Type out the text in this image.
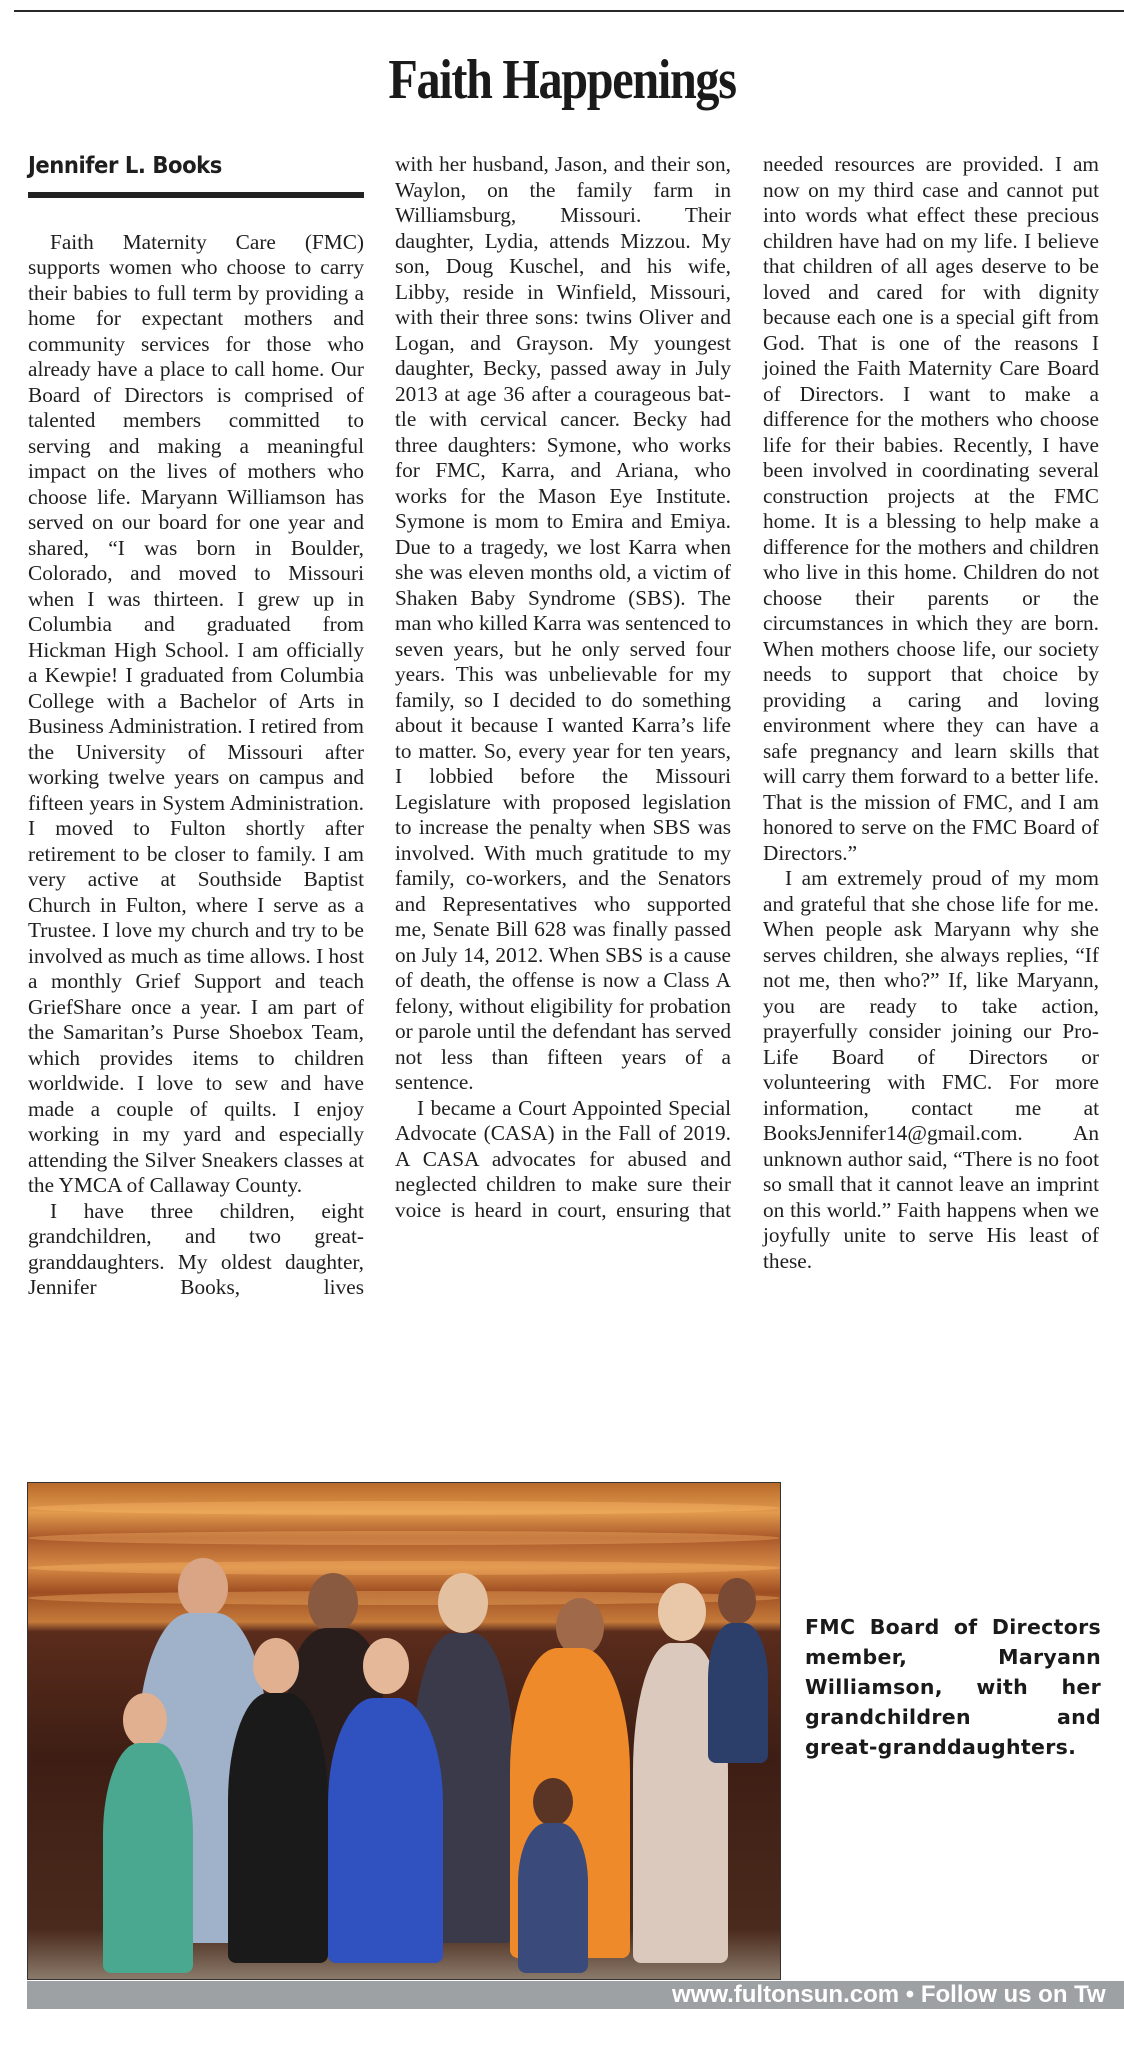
Faith Happenings
Jennifer L. Books

Faith Maternity Care (FMC) supports women who choose to carry their babies to full term by providing a home for expectant mothers and community services for those who already have a place to call home. Our Board of Directors is comprised of talented members committed to serving and making a meaningful impact on the lives of mothers who choose life. Maryann Williamson has served on our board for one year and shared, “I was born in Boulder, Colorado, and moved to Missouri when I was thirteen. I grew up in Columbia and graduated from Hickman High School. I am officially a Kewpie! I graduated from Columbia College with a Bachelor of Arts in Business Administration. I retired from the University of Missouri after working twelve years on campus and fifteen years in System Administration. I moved to Fulton shortly after retirement to be closer to family. I am very active at Southside Baptist Church in Fulton, where I serve as a Trustee. I love my church and try to be involved as much as time allows. I host a monthly Grief Support and teach GriefShare once a year. I am part of the Samaritan’s Purse Shoebox Team, which provides items to children worldwide. I love to sew and have made a couple of quilts. I enjoy working in my yard and especially attending the Silver Sneakers classes at the YMCA of Callaway County.

I have three children, eight grandchildren, and two great-granddaughters. My oldest daughter, Jennifer Books, lives

with her husband, Jason, and their son, Waylon, on the family farm in Williamsburg, Missouri. Their daughter, Lydia, attends Mizzou. My son, Doug Kuschel, and his wife, Libby, reside in Winfield, Missouri, with their three sons: twins Oliver and Logan, and Grayson. My youngest daughter, Becky, passed away in July 2013 at age 36 after a courageous battle with cervical cancer. Becky had three daughters: Symone, who works for FMC, Karra, and Ariana, who works for the Mason Eye Institute. Symone is mom to Emira and Emiya. Due to a tragedy, we lost Karra when she was eleven months old, a victim of Shaken Baby Syndrome (SBS). The man who killed Karra was sentenced to seven years, but he only served four years. This was unbelievable for my family, so I decided to do something about it because I wanted Karra’s life to matter. So, every year for ten years, I lobbied before the Missouri Legislature with proposed legislation to increase the penalty when SBS was involved. With much gratitude to my family, co-workers, and the Senators and Representatives who supported me, Senate Bill 628 was finally passed on July 14, 2012. When SBS is a cause of death, the offense is now a Class A felony, without eligibility for probation or parole until the defendant has served not less than fifteen years of a sentence.

I became a Court Appointed Special Advocate (CASA) in the Fall of 2019. A CASA advocates for abused and neglected children to make sure their voice is heard in court, ensuring that

needed resources are provided. I am now on my third case and cannot put into words what effect these precious children have had on my life. I believe that children of all ages deserve to be loved and cared for with dignity because each one is a special gift from God. That is one of the reasons I joined the Faith Maternity Care Board of Directors. I want to make a difference for the mothers who choose life for their babies. Recently, I have been involved in coordinating several construction projects at the FMC home. It is a blessing to help make a difference for the mothers and children who live in this home. Children do not choose their parents or the circumstances in which they are born. When mothers choose life, our society needs to support that choice by providing a caring and loving environment where they can have a safe pregnancy and learn skills that will carry them forward to a better life. That is the mission of FMC, and I am honored to serve on the FMC Board of Directors.”

I am extremely proud of my mom and grateful that she chose life for me. When people ask Maryann why she serves children, she always replies, “If not me, then who?” If, like Maryann, you are ready to take action, prayerfully consider joining our Pro-Life Board of Directors or volunteering with FMC. For more information, contact me at BooksJennifer14@gmail.com. An unknown author said, “There is no foot so small that it cannot leave an imprint on this world.” Faith happens when we joyfully unite to serve His least of these.

FMC Board of Directors member, Maryann Williamson, with her grandchildren and great-granddaughters.
www.fultonsun.com • Follow us on Tw
